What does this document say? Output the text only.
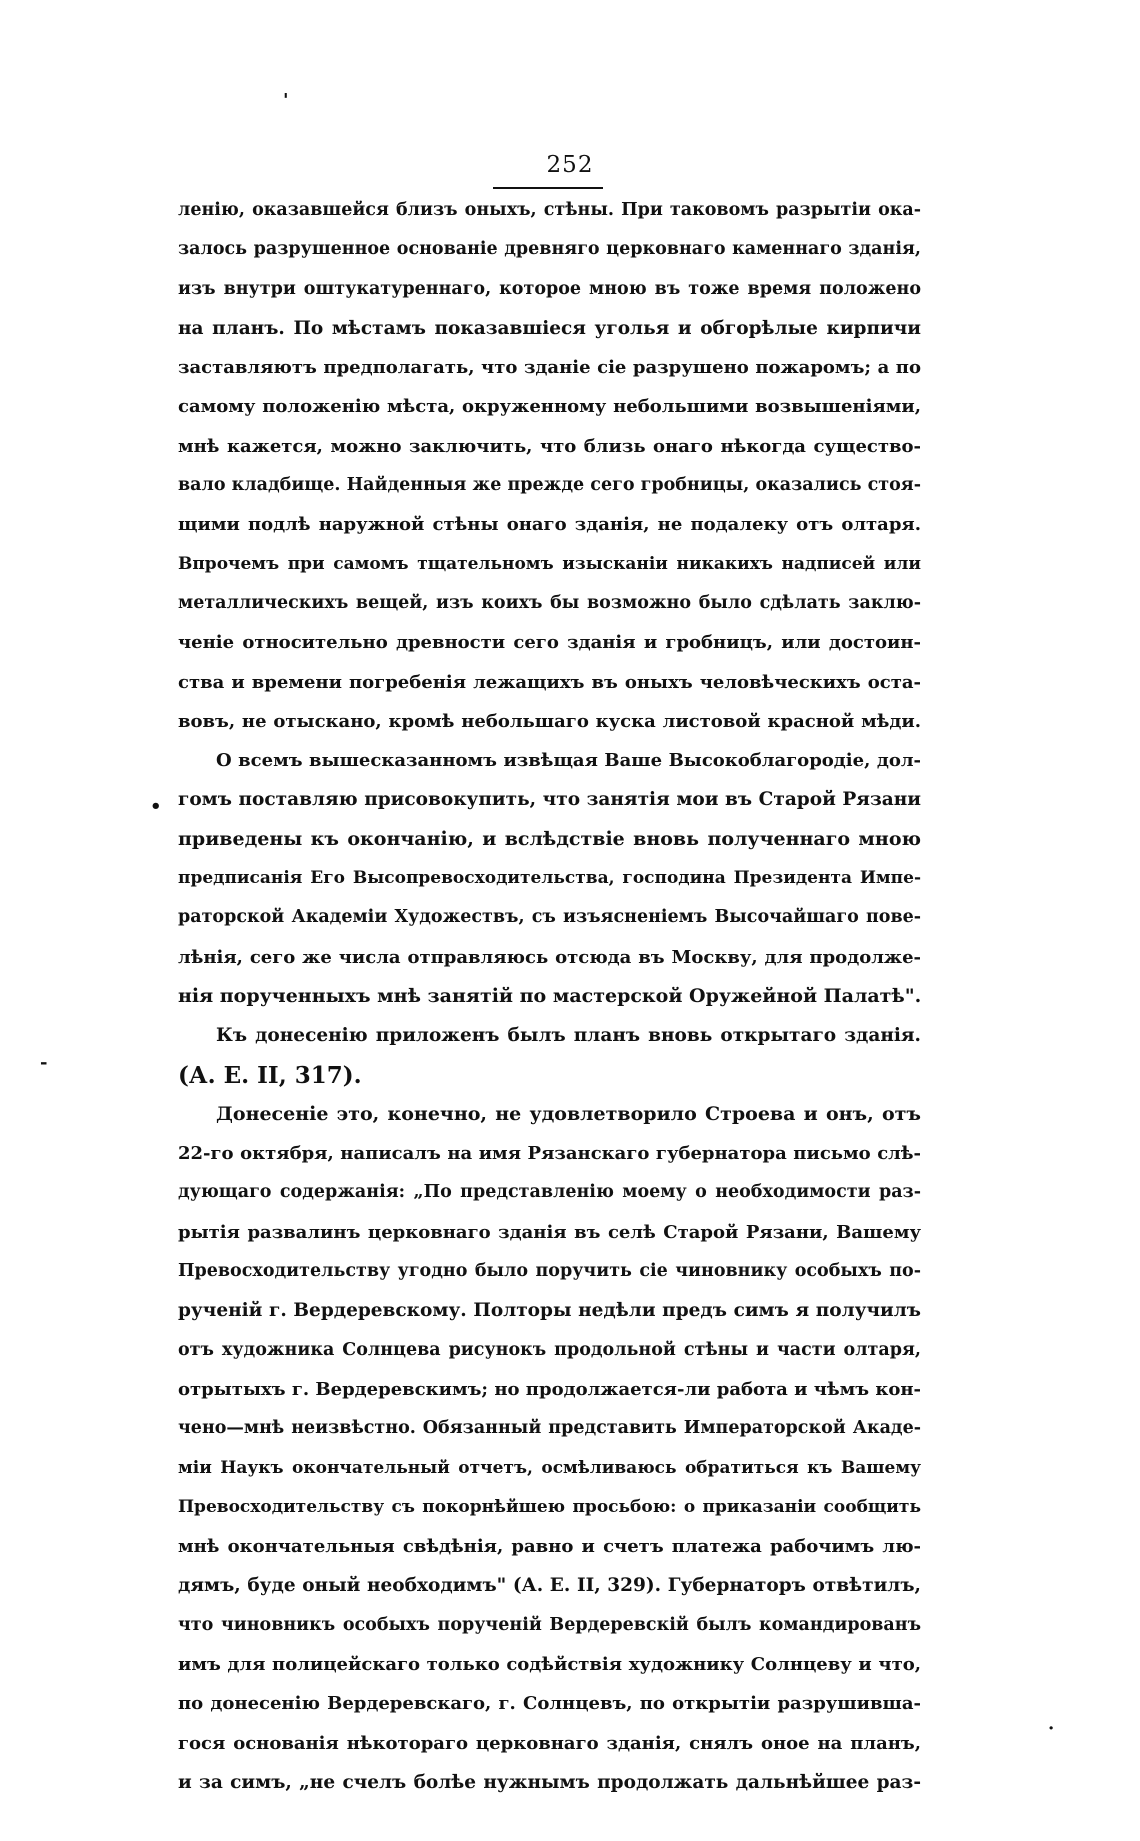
'
252
ленію, оказавшейся близъ оныхъ, стѣны. При таковомъ разрытіи ока-
залось разрушенное основаніе древняго церковнаго каменнаго зданія,
изъ внутри оштукатуреннаго, которое мною въ тоже время положено
на планъ. По мѣстамъ показавшіеся уголья и обгорѣлые кирпичи
заставляютъ предполагать, что зданіе сіе разрушено пожаромъ; а по
самому положенію мѣста, окруженному небольшими возвышеніями,
мнѣ кажется, можно заключить, что близь онаго нѣкогда существо-
вало кладбище. Найденныя же прежде сего гробницы, оказались стоя-
щими подлѣ наружной стѣны онаго зданія, не подалеку отъ олтаря.
Впрочемъ при самомъ тщательномъ изысканіи никакихъ надписей или
металлическихъ вещей, изъ коихъ бы возможно было сдѣлать заклю-
ченіе относительно древности сего зданія и гробницъ, или достоин-
ства и времени погребенія лежащихъ въ оныхъ человѣческихъ оста-
вовъ, не отыскано, кромѣ небольшаго куска листовой красной мѣди.
О всемъ вышесказанномъ извѣщая Ваше Высокоблагородіе, дол-
гомъ поставляю присовокупить, что занятія мои въ Старой Рязани
приведены къ окончанію, и вслѣдствіе вновь полученнаго мною
предписанія Его Высопревосходительства, господина Президента Импе-
раторской Академіи Художествъ, съ изъясненіемъ Высочайшаго пове-
лѣнія, сего же числа отправляюсь отсюда въ Москву, для продолже-
нія порученныхъ мнѣ занятій по мастерской Оружейной Палатѣ".
Къ донесенію приложенъ былъ планъ вновь открытаго зданія.
(А. Е. II, 317).
Донесеніе это, конечно, не удовлетворило Строева и онъ, отъ
22-го октября, написалъ на имя Рязанскаго губернатора письмо слѣ-
дующаго содержанія: „По представленію моему о необходимости раз-
рытія развалинъ церковнаго зданія въ селѣ Старой Рязани, Вашему
Превосходительству угодно было поручить сіе чиновнику особыхъ по-
рученій г. Вердеревскому. Полторы недѣли предъ симъ я получилъ
отъ художника Солнцева рисунокъ продольной стѣны и части олтаря,
отрытыхъ г. Вердеревскимъ; но продолжается-ли работа и чѣмъ кон-
чено—мнѣ неизвѣстно. Обязанный представить Императорской Акаде-
міи Наукъ окончательный отчетъ, осмѣливаюсь обратиться къ Вашему
Превосходительству съ покорнѣйшею просьбою: о приказаніи сообщить
мнѣ окончательныя свѣдѣнія, равно и счетъ платежа рабочимъ лю-
дямъ, буде оный необходимъ" (А. Е. II, 329). Губернаторъ отвѣтилъ,
что чиновникъ особыхъ порученій Вердеревскій былъ командированъ
имъ для полицейскаго только содѣйствія художнику Солнцеву и что,
по донесенію Вердеревскаго, г. Солнцевъ, по открытіи разрушивша-
гося основанія нѣкотораго церковнаго зданія, снялъ оное на планъ,
и за симъ, „не счелъ болѣе нужнымъ продолжать дальнѣйшее раз-
•
-
·
